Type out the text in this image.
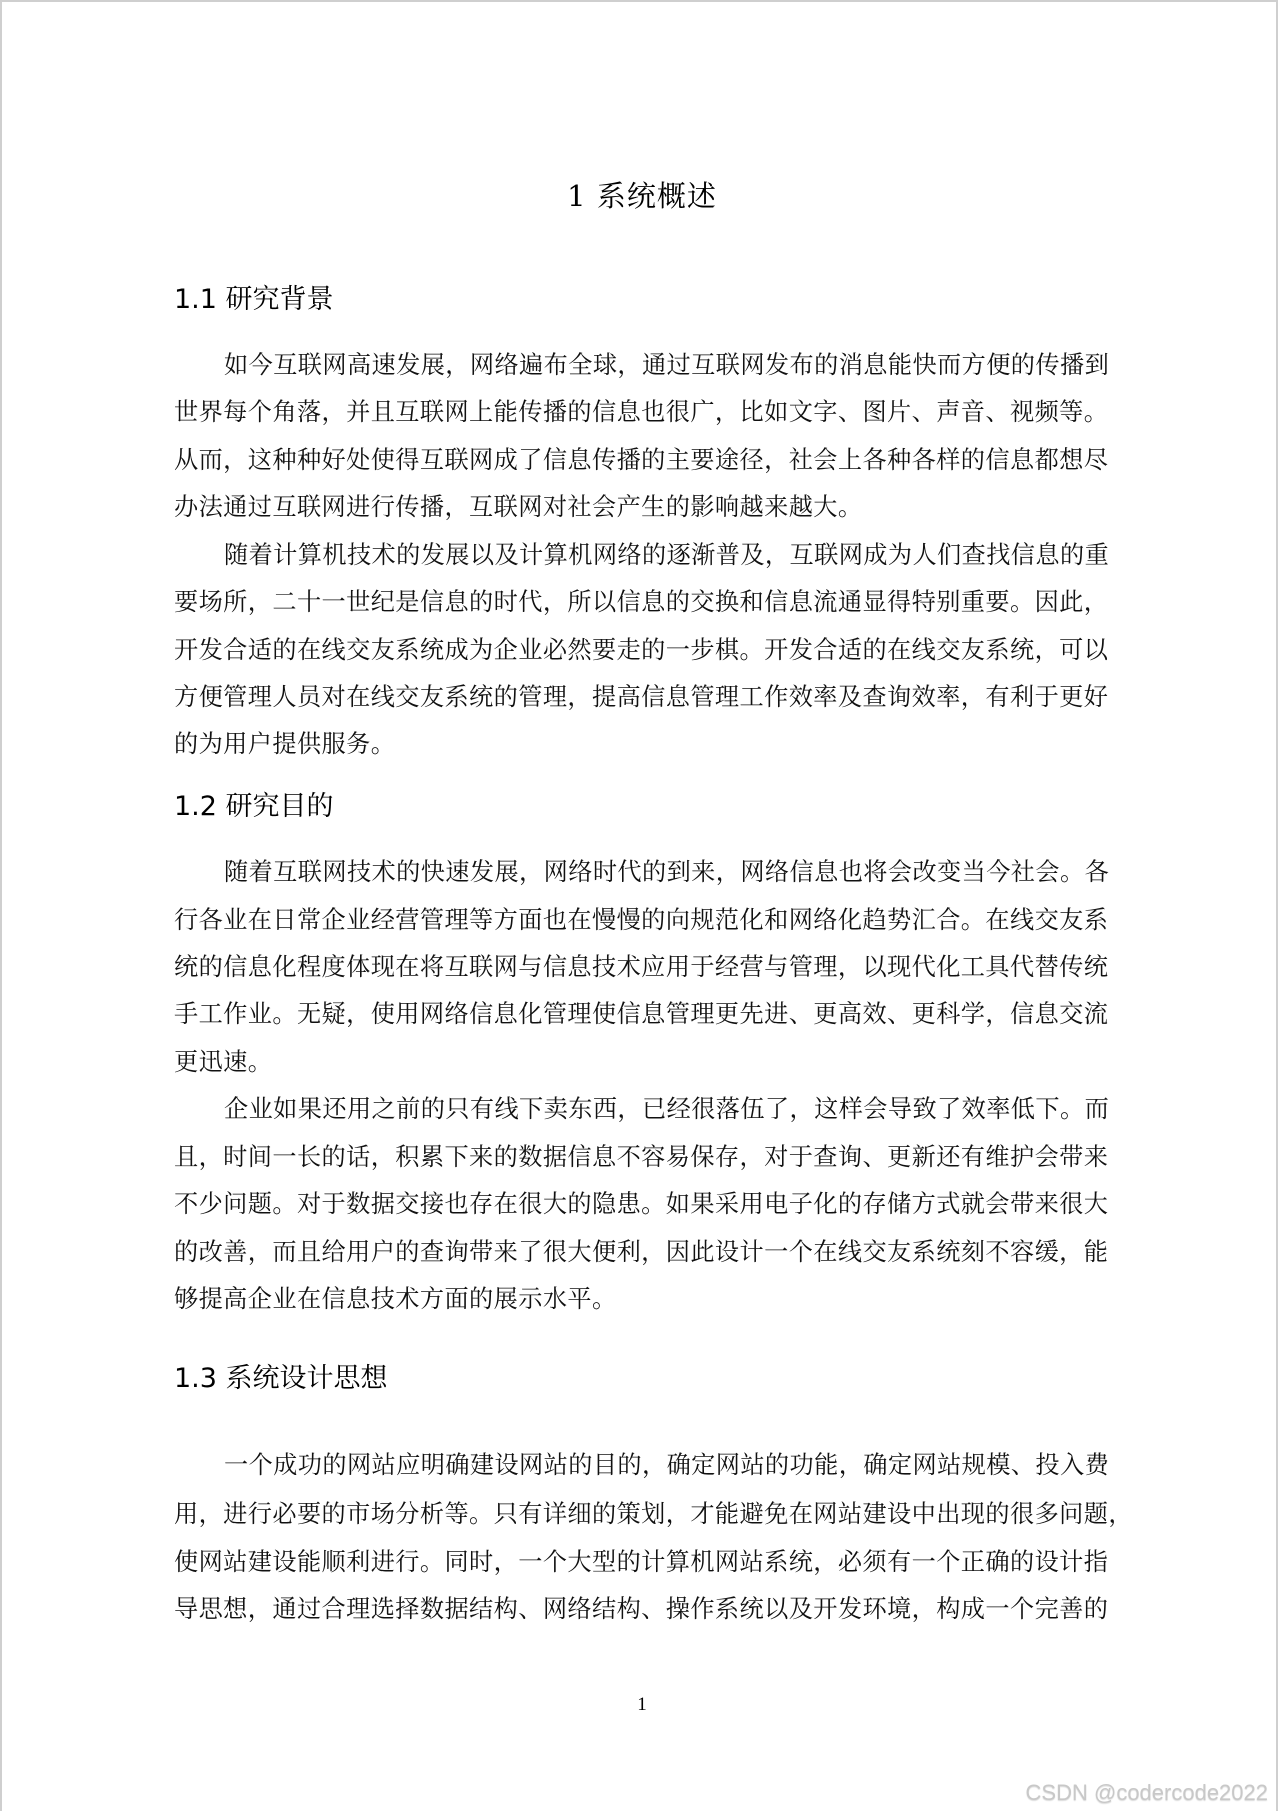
1 系统概述
1.1 研究背景
如今互联网高速发展，网络遍布全球，通过互联网发布的消息能快而方便的传播到
世界每个角落，并且互联网上能传播的信息也很广，比如文字、图片、声音、视频等。
从而，这种种好处使得互联网成了信息传播的主要途径，社会上各种各样的信息都想尽
办法通过互联网进行传播，互联网对社会产生的影响越来越大。
随着计算机技术的发展以及计算机网络的逐渐普及，互联网成为人们查找信息的重
要场所，二十一世纪是信息的时代，所以信息的交换和信息流通显得特别重要。因此，
开发合适的在线交友系统成为企业必然要走的一步棋。开发合适的在线交友系统，可以
方便管理人员对在线交友系统的管理，提高信息管理工作效率及查询效率，有利于更好
的为用户提供服务。
1.2 研究目的
随着互联网技术的快速发展，网络时代的到来，网络信息也将会改变当今社会。各
行各业在日常企业经营管理等方面也在慢慢的向规范化和网络化趋势汇合。在线交友系
统的信息化程度体现在将互联网与信息技术应用于经营与管理，以现代化工具代替传统
手工作业。无疑，使用网络信息化管理使信息管理更先进、更高效、更科学，信息交流
更迅速。
企业如果还用之前的只有线下卖东西，已经很落伍了，这样会导致了效率低下。而
且，时间一长的话，积累下来的数据信息不容易保存，对于查询、更新还有维护会带来
不少问题。对于数据交接也存在很大的隐患。如果采用电子化的存储方式就会带来很大
的改善，而且给用户的查询带来了很大便利，因此设计一个在线交友系统刻不容缓，能
够提高企业在信息技术方面的展示水平。
1.3 系统设计思想
一个成功的网站应明确建设网站的目的，确定网站的功能，确定网站规模、投入费
用，进行必要的市场分析等。只有详细的策划，才能避免在网站建设中出现的很多问题，
使网站建设能顺利进行。同时，一个大型的计算机网站系统，必须有一个正确的设计指
导思想，通过合理选择数据结构、网络结构、操作系统以及开发环境，构成一个完善的
1
CSDN @codercode2022
